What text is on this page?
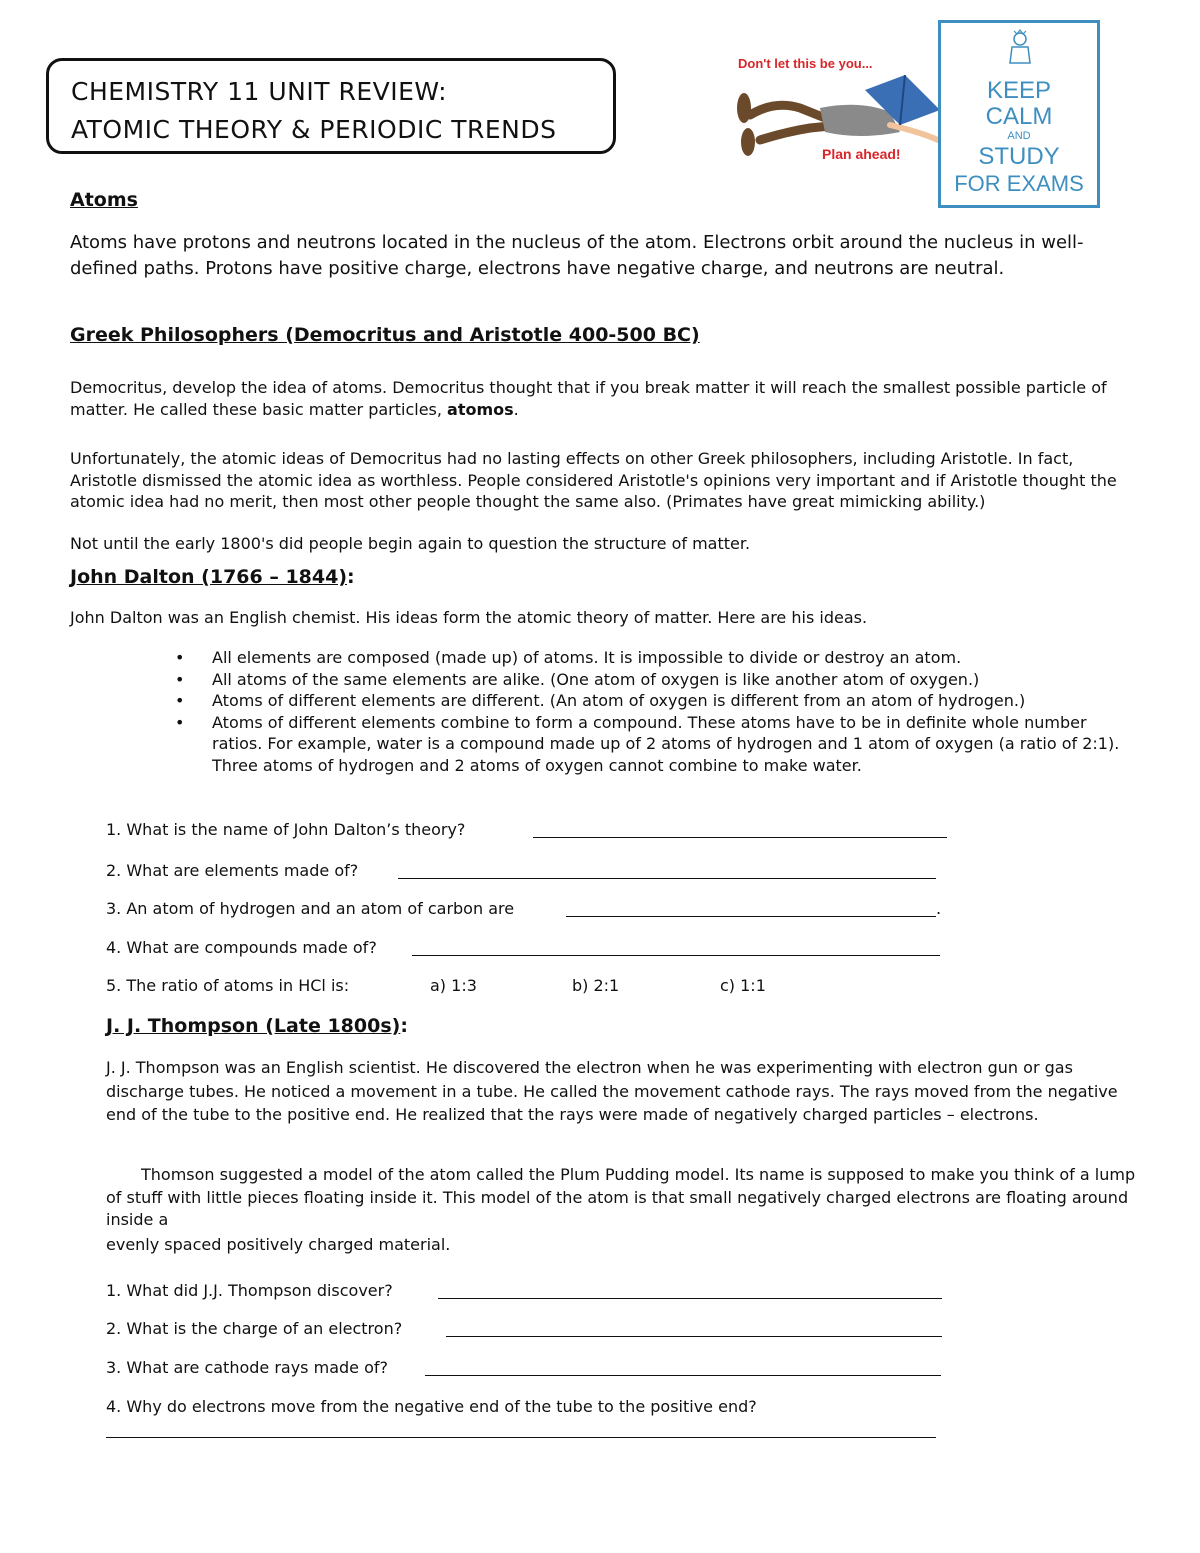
CHEMISTRY 11 UNIT REVIEW:
ATOMIC THEORY & PERIODIC TRENDS
Don't let this be you...
Plan ahead!
KEEP
CALM
AND
STUDY
FOR EXAMS
Atoms
Atoms have protons and neutrons located in the nucleus of the atom. Electrons orbit around the nucleus in well-defined paths. Protons have positive charge, electrons have negative charge, and neutrons are neutral.
Greek Philosophers (Democritus and Aristotle 400-500 BC)
Democritus, develop the idea of atoms. Democritus thought that if you break matter it will reach the smallest possible particle of matter. He called these basic matter particles, atomos.
Unfortunately, the atomic ideas of Democritus had no lasting effects on other Greek philosophers, including Aristotle. In fact, Aristotle dismissed the atomic idea as worthless. People considered Aristotle's opinions very important and if Aristotle thought the atomic idea had no merit, then most other people thought the same also. (Primates have great mimicking ability.)
Not until the early 1800's did people begin again to question the structure of matter.
John Dalton (1766 – 1844):
John Dalton was an English chemist. His ideas form the atomic theory of matter. Here are his ideas.
• All elements are composed (made up) of atoms. It is impossible to divide or destroy an atom.
• All atoms of the same elements are alike. (One atom of oxygen is like another atom of oxygen.)
• Atoms of different elements are different. (An atom of oxygen is different from an atom of hydrogen.)
• Atoms of different elements combine to form a compound. These atoms have to be in definite whole number ratios. For example, water is a compound made up of 2 atoms of hydrogen and 1 atom of oxygen (a ratio of 2:1). Three atoms of hydrogen and 2 atoms of oxygen cannot combine to make water.
1. What is the name of John Dalton’s theory?
2. What are elements made of?
3. An atom of hydrogen and an atom of carbon are	.
4. What are compounds made of?
5. The ratio of atoms in HCl is:	a) 1:3	b) 2:1	c) 1:1
J. J. Thompson (Late 1800s):
J. J. Thompson was an English scientist. He discovered the electron when he was experimenting with electron gun or gas discharge tubes. He noticed a movement in a tube. He called the movement cathode rays. The rays moved from the negative end of the tube to the positive end. He realized that the rays were made of negatively charged particles – electrons.
Thomson suggested a model of the atom called the Plum Pudding model. Its name is supposed to make you think of a lump of stuff with little pieces floating inside it. This model of the atom is that small negatively charged electrons are floating around inside a
evenly spaced positively charged material.
1. What did J.J. Thompson discover?
2. What is the charge of an electron?
3. What are cathode rays made of?
4. Why do electrons move from the negative end of the tube to the positive end?
